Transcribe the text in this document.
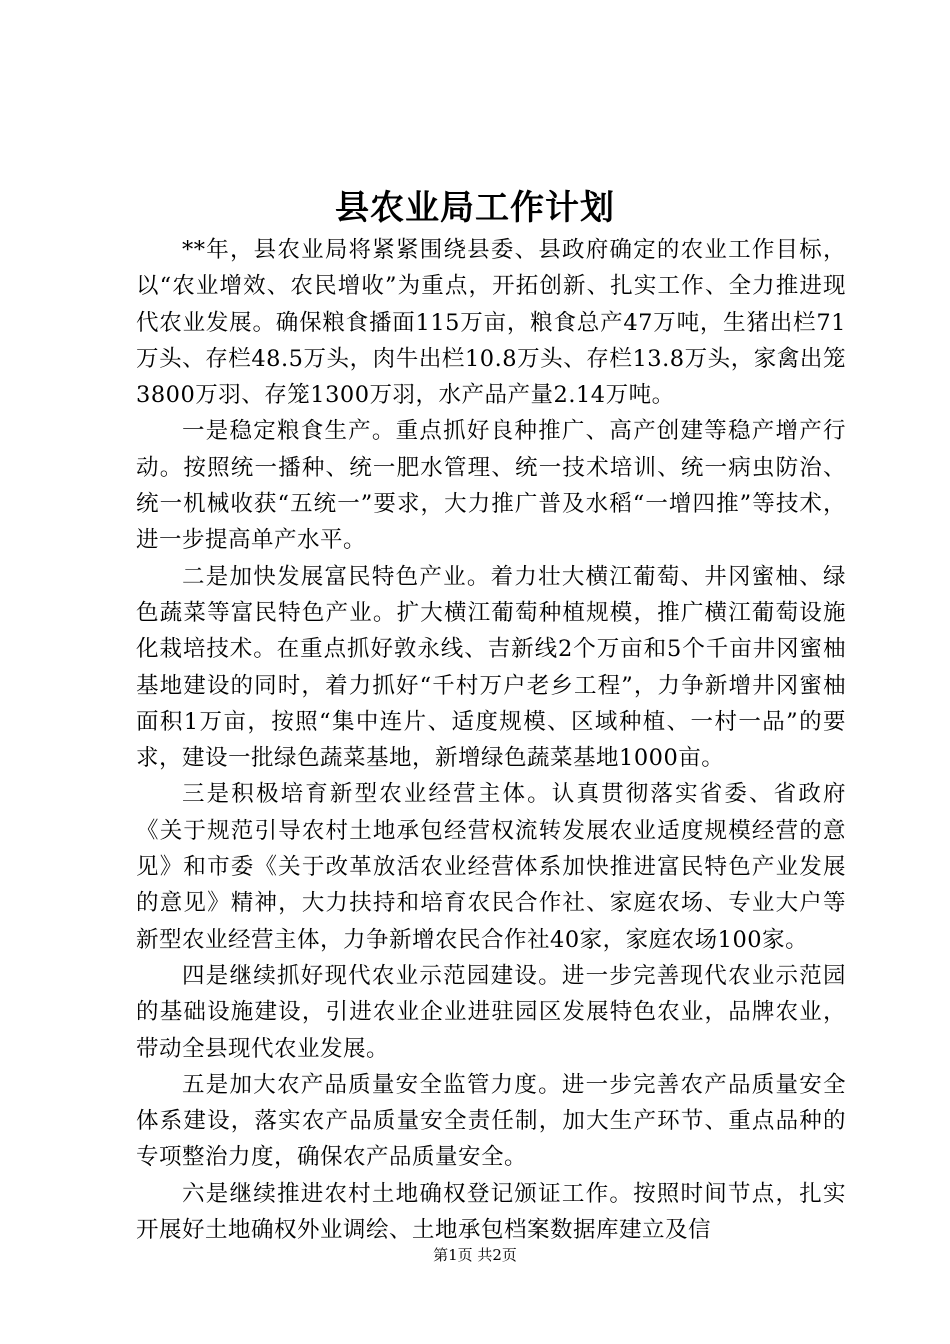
县农业局工作计划

**年，县农业局将紧紧围绕县委、县政府确定的农业工作目标，以“农业增效、农民增收”为重点，开拓创新、扎实工作、全力推进现代农业发展。确保粮食播面115万亩，粮食总产47万吨，生猪出栏71万头、存栏48.5万头，肉牛出栏10.8万头、存栏13.8万头，家禽出笼3800万羽、存笼1300万羽，水产品产量2.14万吨。

一是稳定粮食生产。重点抓好良种推广、高产创建等稳产增产行动。按照统一播种、统一肥水管理、统一技术培训、统一病虫防治、统一机械收获“五统一”要求，大力推广普及水稻“一增四推”等技术，进一步提高单产水平。

二是加快发展富民特色产业。着力壮大横江葡萄、井冈蜜柚、绿色蔬菜等富民特色产业。扩大横江葡萄种植规模，推广横江葡萄设施化栽培技术。在重点抓好敦永线、吉新线2个万亩和5个千亩井冈蜜柚基地建设的同时，着力抓好“千村万户老乡工程”，力争新增井冈蜜柚面积1万亩，按照“集中连片、适度规模、区域种植、一村一品”的要求，建设一批绿色蔬菜基地，新增绿色蔬菜基地1000亩。

三是积极培育新型农业经营主体。认真贯彻落实省委、省政府《关于规范引导农村土地承包经营权流转发展农业适度规模经营的意见》和市委《关于改革放活农业经营体系加快推进富民特色产业发展的意见》精神，大力扶持和培育农民合作社、家庭农场、专业大户等新型农业经营主体，力争新增农民合作社40家，家庭农场100家。

四是继续抓好现代农业示范园建设。进一步完善现代农业示范园的基础设施建设，引进农业企业进驻园区发展特色农业，品牌农业，带动全县现代农业发展。

五是加大农产品质量安全监管力度。进一步完善农产品质量安全体系建设，落实农产品质量安全责任制，加大生产环节、重点品种的专项整治力度，确保农产品质量安全。

六是继续推进农村土地确权登记颁证工作。按照时间节点，扎实开展好土地确权外业调绘、土地承包档案数据库建立及信

第1页 共2页
